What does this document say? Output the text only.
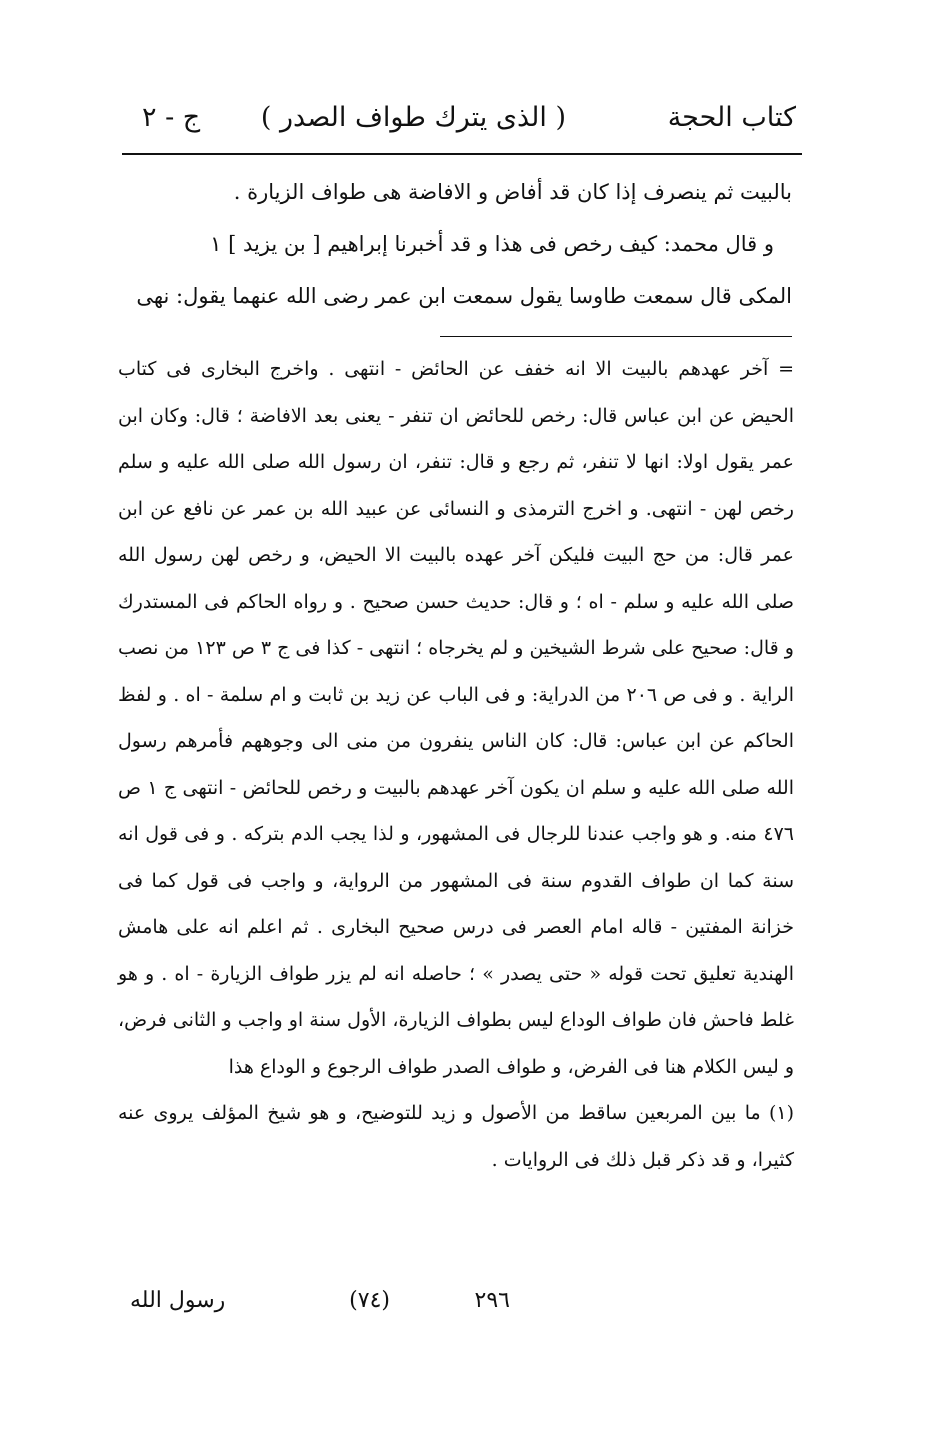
كتاب الحجة
( الذى يترك طواف الصدر )
ج - ٢

بالبيت ثم ينصرف إذا كان قد أفاض و الافاضة هى طواف الزيارة .

و قال محمد: كيف رخص فى هذا و قد أخبرنا إبراهيم [ بن يزيد ] ١

المكى قال سمعت طاوسا يقول سمعت ابن عمر رضى الله عنهما يقول: نهى

= آخر عهدهم بالبيت الا انه خفف عن الحائض - انتهى . واخرج البخارى فى كتاب الحيض عن ابن عباس قال: رخص للحائض ان تنفر - يعنى بعد الافاضة ؛ قال: وكان ابن عمر يقول اولا: انها لا تنفر، ثم رجع و قال: تنفر، ان رسول الله صلى الله عليه و سلم رخص لهن - انتهى. و اخرج الترمذى و النسائى عن عبيد الله بن عمر عن نافع عن ابن عمر قال: من حج البيت فليكن آخر عهده بالبيت الا الحيض، و رخص لهن رسول الله صلى الله عليه و سلم - اه ؛ و قال: حديث حسن صحيح . و رواه الحاكم فى المستدرك و قال: صحيح على شرط الشيخين و لم يخرجاه ؛ انتهى - كذا فى ج ٣ ص ١٢٣ من نصب الراية . و فى ص ٢٠٦ من الدراية: و فى الباب عن زيد بن ثابت و ام سلمة - اه . و لفظ الحاكم عن ابن عباس: قال: كان الناس ينفرون من منى الى وجوههم فأمرهم رسول الله صلى الله عليه و سلم ان يكون آخر عهدهم بالبيت و رخص للحائض - انتهى ج ١ ص ٤٧٦ منه. و هو واجب عندنا للرجال فى المشهور، و لذا يجب الدم بتركه . و فى قول انه سنة كما ان طواف القدوم سنة فى المشهور من الرواية، و واجب فى قول كما فى خزانة المفتين - قاله امام العصر فى درس صحيح البخارى . ثم اعلم انه على هامش الهندية تعليق تحت قوله « حتى يصدر » ؛ حاصله انه لم يزر طواف الزيارة - اه . و هو غلط فاحش فان طواف الوداع ليس بطواف الزيارة، الأول سنة او واجب و الثانى فرض، و ليس الكلام هنا فى الفرض، و طواف الصدر طواف الرجوع و الوداع هذا

(١) ما بين المربعين ساقط من الأصول و زيد للتوضيح، و هو شيخ المؤلف يروى عنه كثيرا، و قد ذكر قبل ذلك فى الروايات .

٢٩٦
(٧٤)
رسول الله
